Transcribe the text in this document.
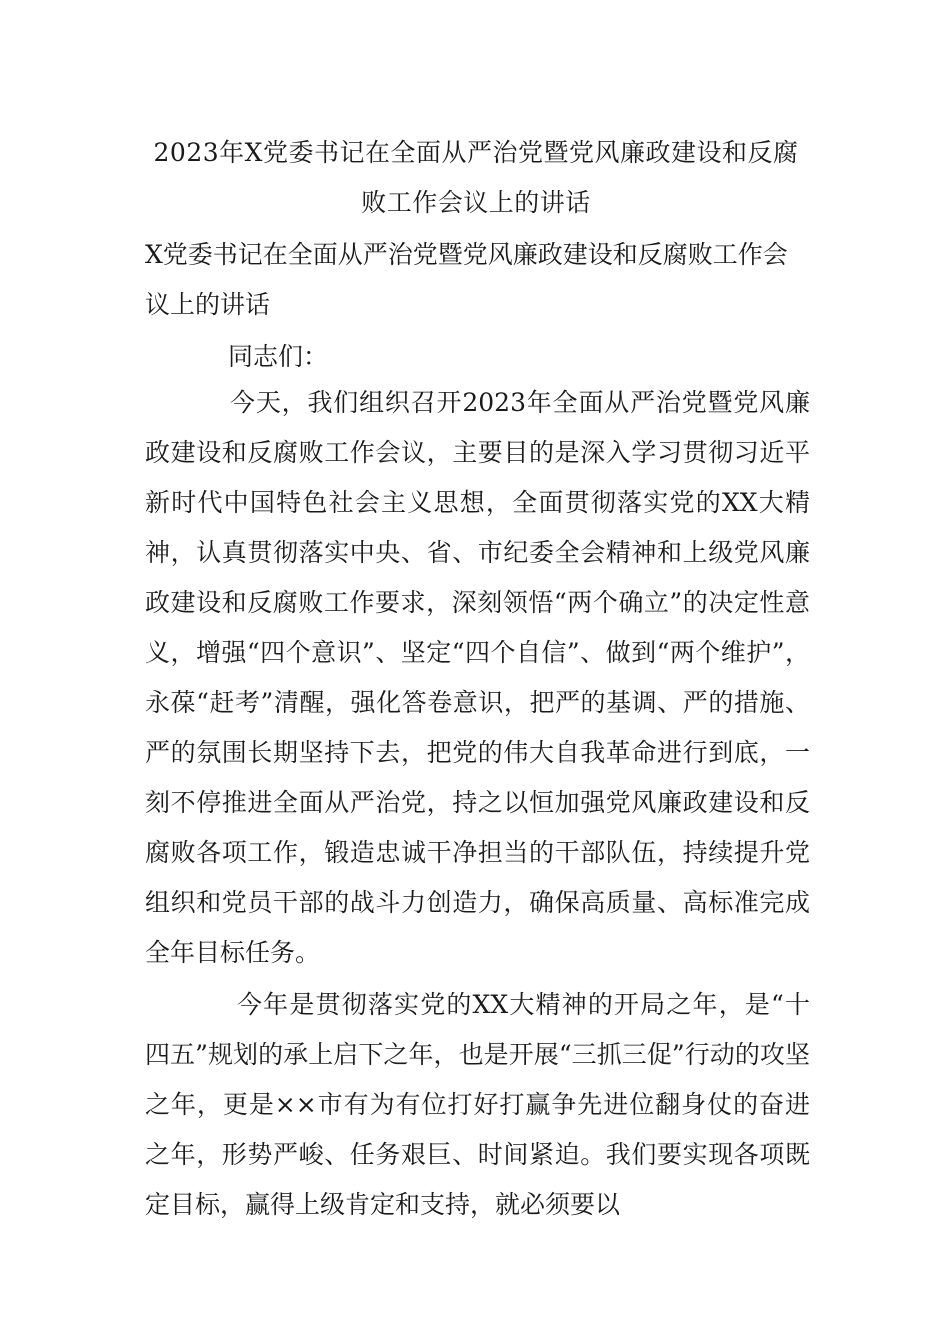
2023年X党委书记在全面从严治党暨党风廉政建设和反腐
败工作会议上的讲话
X党委书记在全面从严治党暨党风廉政建设和反腐败工作会议上的讲话
同志们：
今天，我们组织召开2023年全面从严治党暨党风廉政建设和反腐败工作会议，主要目的是深入学习贯彻习近平新时代中国特色社会主义思想，全面贯彻落实党的XX大精神，认真贯彻落实中央、省、市纪委全会精神和上级党风廉政建设和反腐败工作要求，深刻领悟“两个确立”的决定性意义，增强“四个意识”、坚定“四个自信”、做到“两个维护”，永葆“赶考”清醒，强化答卷意识，把严的基调、严的措施、严的氛围长期坚持下去，把党的伟大自我革命进行到底，一刻不停推进全面从严治党，持之以恒加强党风廉政建设和反腐败各项工作，锻造忠诚干净担当的干部队伍，持续提升党组织和党员干部的战斗力创造力，确保高质量、高标准完成全年目标任务。
今年是贯彻落实党的XX大精神的开局之年，是“十四五”规划的承上启下之年，也是开展“三抓三促”行动的攻坚之年，更是××市有为有位打好打赢争先进位翻身仗的奋进之年，形势严峻、任务艰巨、时间紧迫。我们要实现各项既定目标，赢得上级肯定和支持，就必须要以
